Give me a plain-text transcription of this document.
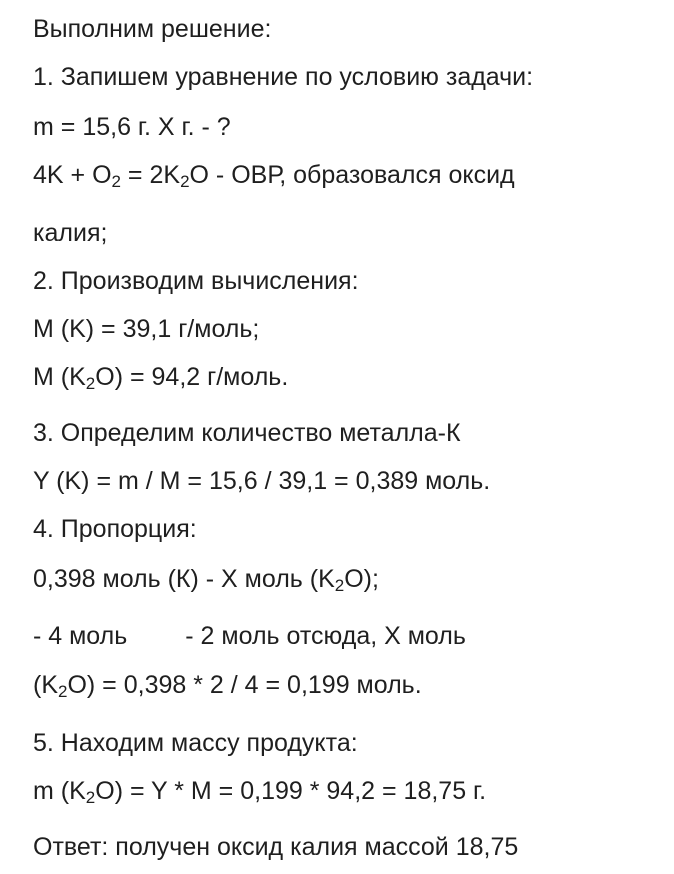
Выполним решение:

1. Запишем уравнение по условию задачи:

m = 15,6 г. Х г. - ?

$4K + O_2 = 2K_2O$ - ОВР, образовался оксид

калия;

2. Производим вычисления:

M (K) = 39,1 г/моль;

M $(K_2O) = 94,2$ г/моль.

3. Определим количество металла-К

Y (K) = m / M = 15,6 / 39,1 = 0,389 моль.

4. Пропорция:

0,398 моль (К) - Х моль $(K_2O)$;

- 4 моль - 2 моль отсюда, Х моль

$(K_2O) = 0,398 * 2 / 4 = 0,199$ моль.

5. Находим массу продукта:

m $(K_2O) = Y * M = 0,199 * 94,2 = 18,75$ г.

Ответ: получен оксид калия массой 18,75
